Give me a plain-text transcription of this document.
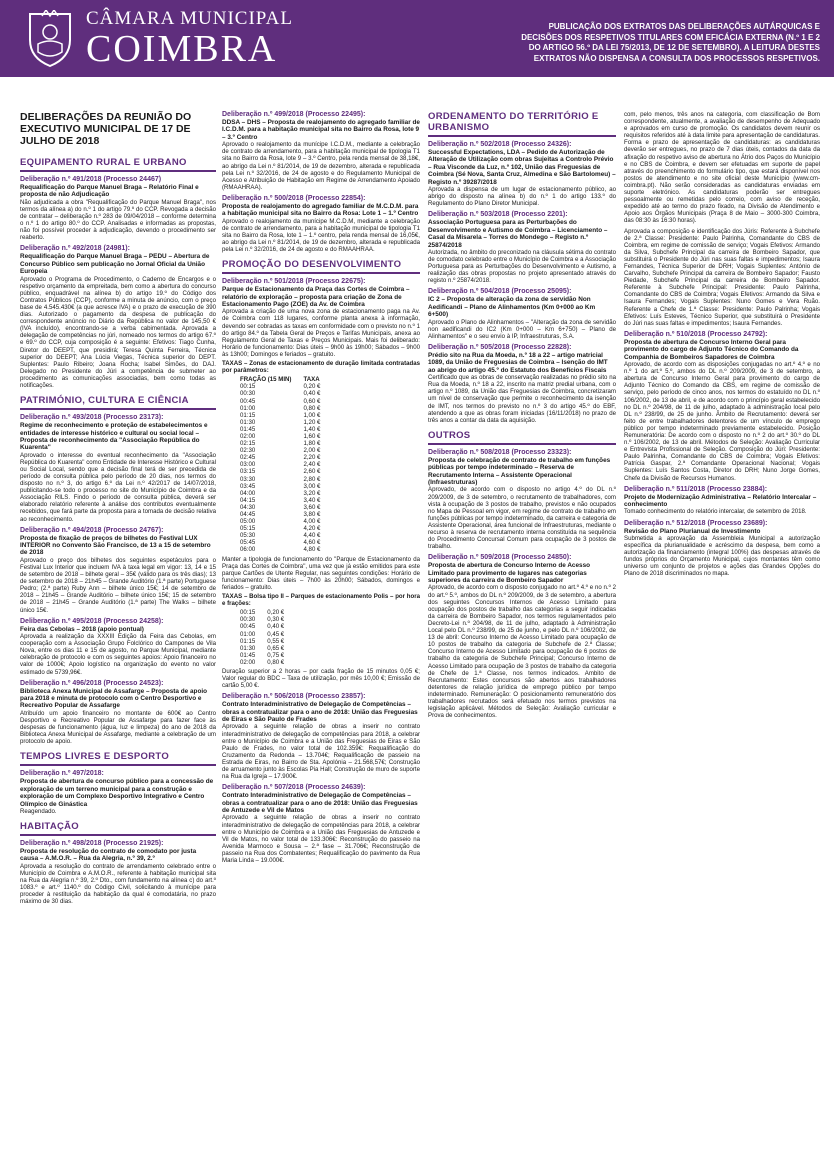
CÂMARA MUNICIPAL
COIMBRA
PUBLICAÇÃO DOS EXTRATOS DAS DELIBERAÇÕES AUTÁRQUICAS E DECISÕES DOS RESPETIVOS TITULARES COM EFICÁCIA EXTERNA (N.º 1 E 2 DO ARTIGO 56.º DA LEI 75/2013, DE 12 DE SETEMBRO). A LEITURA DESTES EXTRATOS NÃO DISPENSA A CONSULTA DOS PROCESSOS RESPETIVOS.
DELIBERAÇÕES DA REUNIÃO DO EXECUTIVO MUNICIPAL DE 17 DE JULHO DE 2018
EQUIPAMENTO RURAL E URBANO
Deliberação n.º 491/2018 (Processo 24467)
Requalificação do Parque Manuel Braga – Relatório Final e proposta de não Adjudicação
Não adjudicada a obra "Requalificação do Parque Manuel Braga", nos termos da alínea a) do n.º 1 do artigo 79.º do CCP. Revogada a decisão de contratar – deliberação n.º 283 de 09/04/2018 – conforme determina o n.º 1 do artigo 80.º do CCP. Analisadas e informadas as propostas, não foi possível proceder à adjudicação, devendo o procedimento ser reaberto.
Deliberação n.º 492/2018 (24981):
Requalificação do Parque Manuel Braga – PEDU – Abertura de Concurso Público sem publicação no Jornal Oficial da União Europeia
Aprovado o Programa de Procedimento, o Caderno de Encargos e o respetivo orçamento da empreitada, bem como a abertura do concurso público, enquadrável na alínea b) do artigo 19.º do Código dos Contratos Públicos (CCP), conforme a minuta de anúncio, com o preço base de 4.545.430€ (a que acresce IVA) e o prazo de execução de 390 dias. Autorizado o pagamento da despesa de publicação do correspondente anúncio no Diário da República no valor de 145,50 € (IVA incluído), encontrando-se a verba cabimentada. Aprovada a delegação de competências no júri, nomeado nos termos do artigo 67.º e 69.º do CCP, cuja composição é a seguinte: Efetivos: Tiago Cunha, Diretor do DEEPT, que presidirá; Teresa Quinta Ferreira, Técnica superior do DEEPT; Ana Lúcia Viegas, Técnica superior do DEPT. Suplentes: Paulo Ribeiro; Joana Rocha; Isabel Simões, do DAJ. Delegado no Presidente do Júri a competência de submeter ao procedimento as comunicações associadas, bem como todas as notificações.
PATRIMÓNIO, CULTURA E CIÊNCIA
Deliberação n.º 493/2018 (Processo 23173):
Regime de reconhecimento e proteção de estabelecimentos e entidades de interesse histórico e cultural ou social local – Proposta de reconhecimento da "Associação República do Kuarenta"
Aprovado o interesse do eventual reconhecimento da "Associação República do Kuarenta" como Entidade de Interesse Histórico e Cultural ou Social Local, sendo que a decisão final terá de ser precedida de período de consulta pública pelo período de 20 dias, nos termos do disposto no n.º 3, do artigo 6.º da Lei n.º 42/2017 de 14/07/2018, publicitando-se todo o processo no site do Município de Coimbra e da Associação RILS. Findo o período de consulta pública, deverá ser elaborado relatório referente à análise dos contributos eventualmente recebidos, que fará parte da proposta para a tomada de decisão relativa ao reconhecimento.
Deliberação n.º 494/2018 (Processo 24767):
Proposta de fixação de preços de bilhetes do Festival LUX INTERIOR no Convento São Francisco, de 13 a 15 de setembro de 2018
Aprovado o preço dos bilhetes dos seguintes espetáculos para o Festival Lux Interior que incluem IVA à taxa legal em vigor: 13, 14 e 15 de setembro de 2018 – bilhete geral – 35€ (válido para os três dias); 13 de setembro de 2018 – 21h45 – Grande Auditório (1.ª parte) Portuguese Pedro; (2.ª parte) Ruby Ann – bilhete único 15€; 14 de setembro de 2018 – 21h45 – Grande Auditório – bilhete único 15€; 15 de setembro de 2018 – 21h45 – Grande Auditório (1.ª parte) The Walks – bilhete único 15€.
Deliberação n.º 495/2018 (Processo 24258):
Feira das Cebolas – 2018 (apoio pontual)
Aprovada a realização da XXXIII Edição da Feira das Cebolas, em cooperação com a Associação Grupo Folclórico do Campones de Vila Nova, entre os dias 11 e 15 de agosto, no Parque Municipal, mediante celebração de protocolo e com os seguintes apoios: Apoio financeiro no valor de 1000€; Apoio logístico na organização do evento no valor estimado de 5739,96€.
Deliberação n.º 496/2018 (Processo 24523):
Biblioteca Anexa Municipal de Assafarge – Proposta de apoio para 2018 e minuta de protocolo com o Centro Desportivo e Recreativo Popular de Assafarge
Atribuído um apoio financeiro no montante de 600€ ao Centro Desportivo e Recreativo Popular de Assafarge para fazer face às despesas de funcionamento (água, luz e limpeza) do ano de 2018 da Biblioteca Anexa Municipal de Assafarge, mediante a celebração de um protocolo de apoio.
TEMPOS LIVRES E DESPORTO
Deliberação n.º 497/2018:
Proposta de abertura de concurso público para a concessão de exploração de um terreno municipal para a construção e exploração de um Complexo Desportivo Integrativo e Centro Olímpico de Ginástica
Reagendado.
HABITAÇÃO
Deliberação n.º 498/2018 (Processo 21925):
Proposta de resolução do contrato de comodato por justa causa – A.M.O.R. – Rua da Alegria, n.º 39, 2.º
Aprovada a resolução do contrato de arrendamento celebrado entre o Município de Coimbra e A.M.O.R., referente à habitação municipal sita na Rua da Alegria n.º 39, 2.º Dto., com fundamento na alínea c) do art.º 1083.º e art.º 1140.º do Código Civil, solicitando à munícipe para proceder à restituição da habitação da qual é comodatária, no prazo máximo de 30 dias.
Deliberação n.º 499/2018 (Processo 22495):
DDSA – DHS – Proposta de realojamento do agregado familiar de I.C.D.M. para a habitação municipal sita no Bairro da Rosa, lote 9 – 3.º Centro
Aprovado o realojamento da munícipe I.C.D.M., mediante a celebração de contrato de arrendamento, para a habitação municipal de tipologia T1 sita no Bairro da Rosa, lote 9 – 3.º Centro, pela renda mensal de 38,18€, ao abrigo da Lei n.º 81/2014, de 19 de dezembro, alterada e republicada pela Lei n.º 32/2016, de 24 de agosto e do Regulamento Municipal de Acesso e Atribuição de Habitação em Regime de Arrendamento Apoiado (RMAAHRAA).
Deliberação n.º 500/2018 (Processo 22854):
Proposta de realojamento do agregado familiar de M.C.D.M. para a habitação municipal sita no Bairro da Rosa: Lote 1 – 1.º Centro
Aprovado o realojamento da munícipe M.C.D.M, mediante a celebração de contrato de arrendamento, para a habitação municipal de tipologia T1 sita no Bairro da Rosa, lote 1 – 1.º centro, pela renda mensal de 16,05€, ao abrigo da Lei n.º 81/2014, de 19 de dezembro, alterada e republicada pela Lei n.º 32/2016, de 24 de agosto e do RMAAHRAA.
PROMOÇÃO DO DESENVOLVIMENTO
Deliberação n.º 501/2018 (Processo 22675):
Parque de Estacionamento da Praça das Cortes de Coimbra – relatório de exploração – proposta para criação de Zona de Estacionamento Pago (ZOE) da Av. de Coimbra
Aprovada a criação de uma nova zona de estacionamento paga na Av. de Coimbra com 118 lugares, conforme planta anexa à informação, devendo ser cobradas as taxas em conformidade com o previsto no n.º 1 do artigo 84.º da Tabela Geral de Preços e Tarifas Municipais, anexa ao Regulamento Geral de Taxas e Preços Municipais. Mais foi deliberado: Horário de funcionamento: Dias úteis – 9h00 às 19h00; Sábados – 9h00 às 13h00; Domingos e feriados – gratuito.
TAXAS – Zonas de estacionamento de duração limitada contratadas por parâmetros:
FRAÇÃO (15 MIN)	TAXA
00:15	0,20 €
00:30	0,40 €
00:45	0,60 €
01:00	0,80 €
01:15	1,00 €
01:30	1,20 €
01:45	1,40 €
02:00	1,60 €
02:15	1,80 €
02:30	2,00 €
02:45	2,20 €
03:00	2,40 €
03:15	2,60 €
03:30	2,80 €
03:45	3,00 €
04:00	3,20 €
04:15	3,40 €
04:30	3,60 €
04:45	3,80 €
05:00	4,00 €
05:15	4,20 €
05:30	4,40 €
05:45	4,60 €
06:00	4,80 €
Manter a tipologia de funcionamento do "Parque de Estacionamento da Praça das Cortes de Coimbra", uma vez que já estão emitidos para este parque Cartões de Utente Regular, nas seguintes condições: Horário de funcionamento: Dias úteis – 7h00 às 20h00; Sábados, domingos e feriados – gratuito.
TAXAS – Bolsa tipo II – Parques de estacionamento Polis – por hora e frações:
00:15	0,20 €
00:30	0,30 €
00:45	0,40 €
01:00	0,45 €
01:15	0,55 €
01:30	0,65 €
01:45	0,75 €
02:00	0,80 €
Duração superior a 2 horas – por cada fração de 15 minutos 0,05 €; Valor regular do BDC – Taxa de utilização, por mês 10,00 €; Emissão de cartão 5,00 €.
Deliberação n.º 506/2018 (Processo 23857):
Contrato Interadministrativo de Delegação de Competências – obras a contratualizar para o ano de 2018: União das Freguesias de Eiras e São Paulo de Frades
Aprovado a seguinte relação de obras a inserir no contrato interadministrativo de delegação de competências para 2018, a celebrar entre o Município de Coimbra e a União das Freguesias de Eiras e São Paulo de Frades, no valor total de 102.359€: Requalificação do Cruzamento da Redonda – 13.704€; Requalificação de passeio na Estrada de Eiras, no Bairro de Sta. Apolónia – 21.568,57€; Construção de arruamento junto às Escolas Pia Hall; Construção de muro de suporte na Rua da Igreja – 17.900€.
Deliberação n.º 507/2018 (Processo 24639):
Contrato Interadministrativo de Delegação de Competências – obras a contratualizar para o ano de 2018: União das Freguesias de Antuzede e Vil de Matos
Aprovado a seguinte relação de obras a inserir no contrato interadministrativo de delegação de competências para 2018, a celebrar entre o Município de Coimbra e a União das Freguesias de Antuzede e Vil de Matos, no valor total de 133.306€: Reconstrução do passeio na Avenida Marmoco e Sousa – 2.ª fase – 31.706€; Reconstrução de passeio na Rua dos Combatentes; Requalificação do pavimento da Rua Maria Linda – 19.000€.
ORDENAMENTO DO TERRITÓRIO E URBANISMO
Deliberação n.º 502/2018 (Processo 24326):
Successful Expectations, LDA – Pedido de Autorização de Alteração de Utilização com obras Sujeitas a Controlo Prévio – Rua Visconde da Luz, n.º 102, União das Freguesias de Coimbra (Sé Nova, Santa Cruz, Almedina e São Bartolomeu) – Registo n.º 39287/2018
Aprovada a dispensa de um lugar de estacionamento público, ao abrigo do disposto na alínea b) do n.º 1 do artigo 133.º do Regulamento do Plano Diretor Municipal.
Deliberação n.º 503/2018 (Processo 2201):
Associação Portuguesa para as Perturbações do Desenvolvimento e Autismo de Coimbra – Licenciamento – Casal da Misarela – Torres do Mondego – Registo n.º 25874/2018
Autorizada, no âmbito do preconizado na cláusula sétima do contrato de comodato celebrado entre o Município de Coimbra e a Associação Portuguesa para as Perturbações do Desenvolvimento e Autismo, a realização das obras propostas no projeto apresentado através do registo n.º 25874/2018.
Deliberação n.º 504/2018 (Processo 25095):
IC 2 – Proposta de alteração da zona de servidão Non Aedificandi – Plano de Alinhamentos (Km 0+000 ao Km 6+500)
Aprovado o Plano de Alinhamentos – "Alteração da zona de servidão non aedificandi do IC2 (Km 0+000 – Km 6+750) – Plano de Alinhamentos" e o seu envio à IP, Infraestruturas, S.A.
Deliberação n.º 505/2018 (Processo 22828):
Prédio sito na Rua da Moeda, n.º 18 a 22 – artigo matricial 1089, da União de Freguesias de Coimbra – Isenção do IMT ao abrigo do artigo 45.º do Estatuto dos Benefícios Fiscais
Certificado que as obras de conservação realizadas no prédio sito na Rua da Moeda, n.º 18 a 22, inscrito na matriz predial urbana, com o artigo n.º 1089, da União das Freguesias de Coimbra, concretizaram um nível de conservação que permite o reconhecimento da isenção de IMT, nos termos do previsto no n.º 3 do artigo 45.º do EBF, atendendo a que as obras foram iniciadas (16/11/2018) no prazo de três anos a contar da data da aquisição.
OUTROS
Deliberação n.º 508/2018 (Processo 23323):
Proposta de celebração de contrato de trabalho em funções públicas por tempo indeterminado – Reserva de Recrutamento Interna – Assistente Operacional (Infraestruturas)
Aprovado, de acordo com o disposto no artigo 4.º do DL n.º 209/2009, de 3 de setembro, o recrutamento de trabalhadores, com vista à ocupação de 3 postos de trabalho, previstos e não ocupados no Mapa de Pessoal em vigor, em regime de contrato de trabalho em funções públicas por tempo indeterminado, da carreira e categoria de Assistente Operacional, área funcional de Infraestruturas, mediante o recurso à reserva de recrutamento interna constituída na sequência do Procedimento Concursal Comum para ocupação de 3 postos de trabalho.
Deliberação n.º 509/2018 (Processo 24850):
Proposta de abertura de Concurso Interno de Acesso Limitado para provimento de lugares nas categorias superiores da carreira de Bombeiro Sapador
Aprovado, de acordo com o disposto conjugado no art.º 4.º e no n.º 2 do art.º 5.º, ambos do DL n.º 209/2009, de 3 de setembro, a abertura dos seguintes Concursos Internos de Acesso Limitado para ocupação dos postos de trabalho das categorias a seguir indicadas da carreira de Bombeiro Sapador, nos termos regulamentados pelo Decreto-Lei n.º 204/98, de 11 de julho, adaptado à Administração Local pelo DL n.º 238/99, de 25 de junho, e pelo DL n.º 106/2002, de 13 de abril: Concurso Interno de Acesso Limitado para ocupação de 10 postos de trabalho da categoria de Subchefe de 2.ª Classe; Concurso Interno de Acesso Limitado para ocupação de 6 postos de trabalho da categoria de Subchefe Principal; Concurso Interno de Acesso Limitado para ocupação de 3 postos de trabalho da categoria de Chefe de 1.ª Classe, nos termos indicados. Ambito de Recrutamento: Estes concursos são abertos aos trabalhadores detentores de relação jurídica de emprego público por tempo indeterminado. Remuneração: O posicionamento remuneratório dos trabalhadores recrutados será efetuado nos termos previstos na legislação aplicável. Métodos de Seleção: Avaliação curricular e Prova de conhecimentos.
com, pelo menos, três anos na categoria, com classificação de Bom correspondente, atualmente, a avaliação de desempenho de Adequado e aprovados em curso de promoção. Os candidatos devem reunir os requisitos referidos até à data limite para apresentação de candidaturas. Forma e prazo de apresentação de candidaturas: as candidaturas deverão ser entregues, no prazo de 7 dias úteis, contados da data da afixação do respetivo aviso de abertura no Átrio dos Paços do Município e no CBS de Coimbra, e devem ser efetuadas em suporte de papel através do preenchimento do formulário tipo, que estará disponível nos postos de atendimento e no site oficial deste Município (www.cm-coimbra.pt). Não serão consideradas as candidaturas enviadas em suporte eletrónico. As candidaturas poderão ser entregues pessoalmente ou remetidas pelo correio, com aviso de receção, expedido até ao termo do prazo fixado, na Divisão de Atendimento e Apoio aos Órgãos Municipais (Praça 8 de Maio – 3000-300 Coimbra, das 08:30 às 16:30 horas).
Aprovada a composição e identificação dos Júris: Referente à Subchefe de 2.ª Classe: Presidente: Paulo Palrinha, Comandante do CBS de Coimbra, em regime de comissão de serviço; Vogais Efetivos: Armando da Silva, Subchefe Principal da carreira de Bombeiro Sapador, que substituirá o Presidente do Júri nas suas faltas e impedimentos; Isaura Fernandes, Técnica Superior de DRH; Vogais Suplentes: António de Carvalho, Subchefe Principal da carreira de Bombeiro Sapador; Fausto Piedade, Subchefe Principal da carreira de Bombeiro Sapador. Referente à Subchefe Principal: Presidente: Paulo Palrinha, Comandante do CBS de Coimbra; Vogais Efetivos: Armando da Silva e Isaura Fernandes; Vogais Suplentes: Nuno Gomes e Vera Ruão. Referente a Chefe de 1.ª Classe: Presidente: Paulo Palrinha; Vogais Efetivos: Luís Esteves, Técnico Superior, que substituirá o Presidente do Júri nas suas faltas e impedimentos; Isaura Fernandes.
Deliberação n.º 510/2018 (Processo 24792):
Proposta de abertura de Concurso Interno Geral para provimento do cargo de Adjunto Técnico do Comando da Companhia de Bombeiros Sapadores de Coimbra
Aprovado, de acordo com as disposições conjugadas no art.º 4.º e no n.º 1 do art.º 5.º, ambos do DL n.º 209/2009, de 3 de setembro, a abertura de Concurso Interno Geral para provimento do cargo de Adjunto Técnico do Comando da CBS, em regime de comissão de serviço, pelo período de cinco anos, nos termos do estatuído no DL n.º 106/2002, de 13 de abril, e de acordo com o princípio geral estabelecido no DL n.º 204/98, de 11 de julho, adaptado à administração local pelo DL n.º 238/99, de 25 de junho. Âmbito de Recrutamento: deverá ser feito de entre trabalhadores detentores de um vínculo de emprego público por tempo indeterminado previamente estabelecido. Posição Remuneratória: De acordo com o disposto no n.º 2 do art.º 30.º do DL n.º 106/2002, de 13 de abril. Métodos de Seleção: Avaliação Curricular e Entrevista Profissional de Seleção. Composição do Júri: Presidente: Paulo Palrinha, Comandante do CBS de Coimbra; Vogais Efetivos: Patrícia Gaspar, 2.ª Comandante Operacional Nacional; Vogais Suplentes: Luís Santos Costa, Diretor do DRH; Nuno Jorge Gomes, Chefe da Divisão de Recursos Humanos.
Deliberação n.º 511/2018 (Processo 23884):
Projeto de Modernização Administrativa – Relatório Intercalar – conhecimento
Tomado conhecimento do relatório intercalar, de setembro de 2018.
Deliberação n.º 512/2018 (Processo 23689):
Revisão do Plano Plurianual de Investimento
Submetida a aprovação da Assembleia Municipal a autorização específica da plurianualidade e acréscimo da despesa, bem como a autorização da financiamento (integral 100%) das despesas através de fundos próprios do Orçamento Municipal, cujos montantes têm como universo um conjunto de projetos e ações das Grandes Opções do Plano de 2018 discriminados no mapa.
